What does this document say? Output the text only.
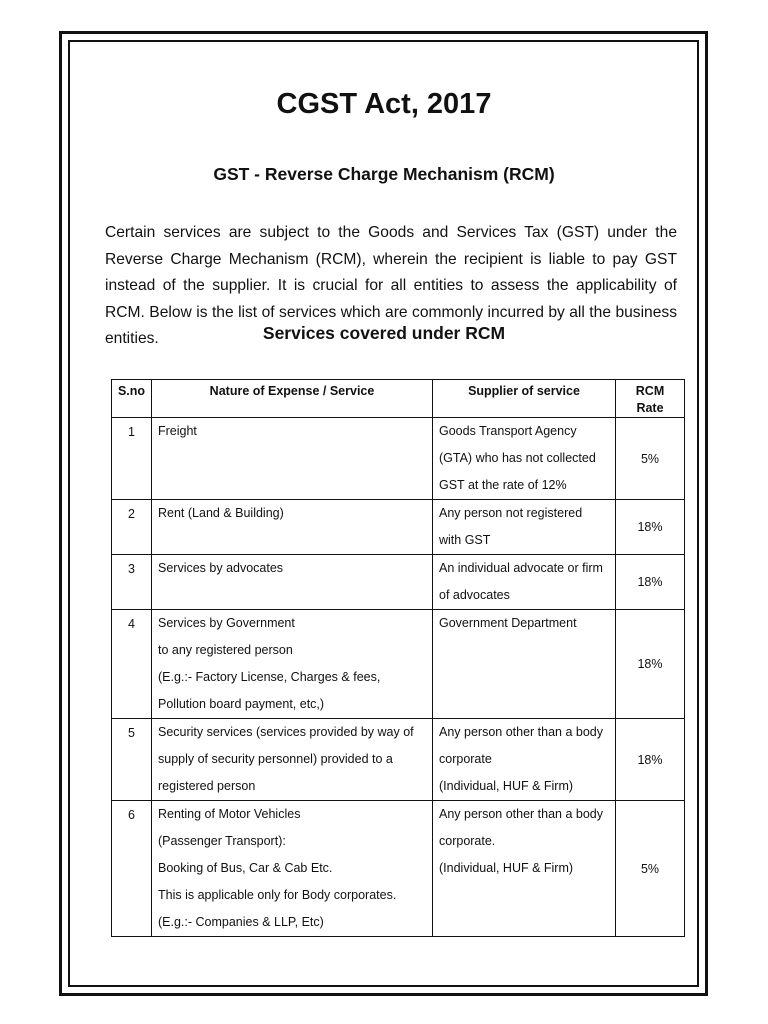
CGST Act, 2017
GST - Reverse Charge Mechanism (RCM)

Certain services are subject to the Goods and Services Tax (GST) under the Reverse Charge Mechanism (RCM), wherein the recipient is liable to pay GST instead of the supplier. It is crucial for all entities to assess the applicability of RCM. Below is the list of services which are commonly incurred by all the business entities.	Services covered under RCM
S.no	Nature of Expense / Service	Supplier of service	RCM
Rate

1	Freight	Goods Transport Agency
(GTA) who has not collected
GST at the rate of 12%	5%
2	Rent (Land & Building)	Any person not registered
with GST	18%
3	Services by advocates	An individual advocate or firm
of advocates	18%
4	Services by Government
to any registered person
(E.g.:- Factory License, Charges & fees,
Pollution board payment, etc,)	Government Department	18%
5	Security services (services provided by way of
supply of security personnel) provided to a
registered person	Any person other than a body
corporate
(Individual, HUF & Firm)	18%
6	Renting of Motor Vehicles
(Passenger Transport):
Booking of Bus, Car & Cab Etc.
This is applicable only for Body corporates.
(E.g.:- Companies & LLP, Etc)	Any person other than a body
corporate.
(Individual, HUF & Firm)	5%
